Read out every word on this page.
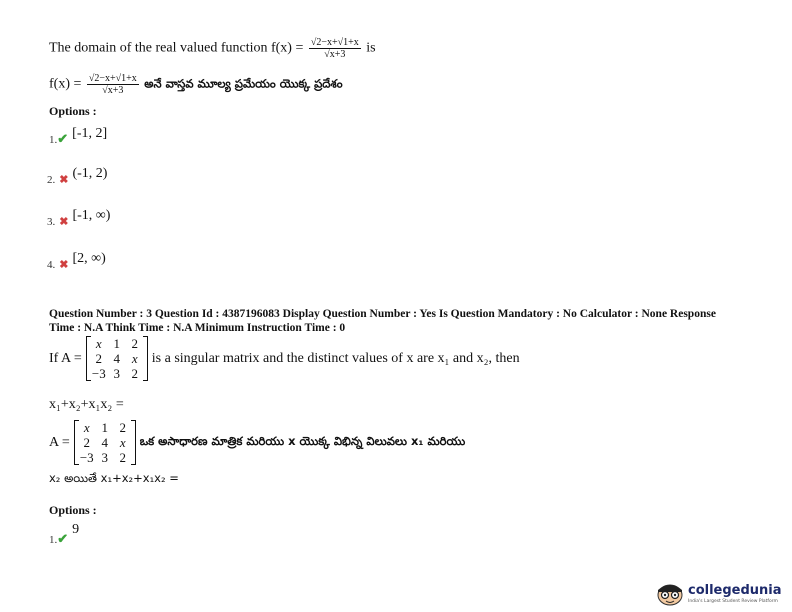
The domain of the real valued function $f(x) = \frac{√2-x+√1+x}{√x+3}$ is
$f(x) = \frac{√2-x+√1+x}{√x+3}$ అనే వాస్తవ మూల్య ప్రమేయం యొక్క ప్రదేశం
Options :
$_{1.✔}$ [-1, 2]
$_{2.}$ $_✖$ (-1, 2)
$_{3.}$ $_✖$ [-1, ∞)
$_{4.}$ $_✖$ [2, ∞)
Question Number : 3 Question Id : 4387196083 Display Question Number : Yes Is Question Mandatory : No Calculator : None Response
Time : N.A Think Time : N.A Minimum Instruction Time : 0
If A =
x 1 2
2 4 x
−3 3 2
is a singular matrix and the distinct values of x are x₁ and x₂, then
x₁+x₂+x₁x₂ =
A =
x 1 2
2 4 x
−3 3 2
ఒక అసాధారణ మాత్రిక మరియు x యొక్క విభిన్న విలువలు x₁ మరియు
x₂ అయితే x₁+x₂+x₁x₂ =
Options :
$_{1.✔}$ 9
collegedunia
India's Largest Student Review Platform
